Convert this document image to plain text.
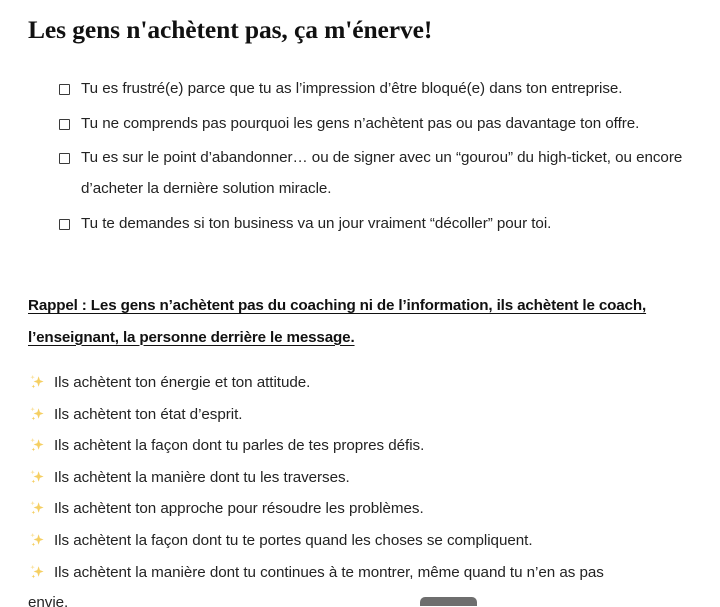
Les gens n'achètent pas, ça m'énerve!
Tu es frustré(e) parce que tu as l’impression d’être bloqué(e) dans ton entreprise.
Tu ne comprends pas pourquoi les gens n’achètent pas ou pas davantage ton offre.
Tu es sur le point d’abandonner… ou de signer avec un “gourou” du high-ticket, ou encore d’acheter la dernière solution miracle.
Tu te demandes si ton business va un jour vraiment “décoller” pour toi.
Rappel : Les gens n’achètent pas du coaching ni de l’information, ils achètent le coach, l’enseignant, la personne derrière le message.
Ils achètent ton énergie et ton attitude.
Ils achètent ton état d’esprit.
Ils achètent la façon dont tu parles de tes propres défis.
Ils achètent la manière dont tu les traverses.
Ils achètent ton approche pour résoudre les problèmes.
Ils achètent la façon dont tu te portes quand les choses se compliquent.
Ils achètent la manière dont tu continues à te montrer, même quand tu n’en as pas
envie.
